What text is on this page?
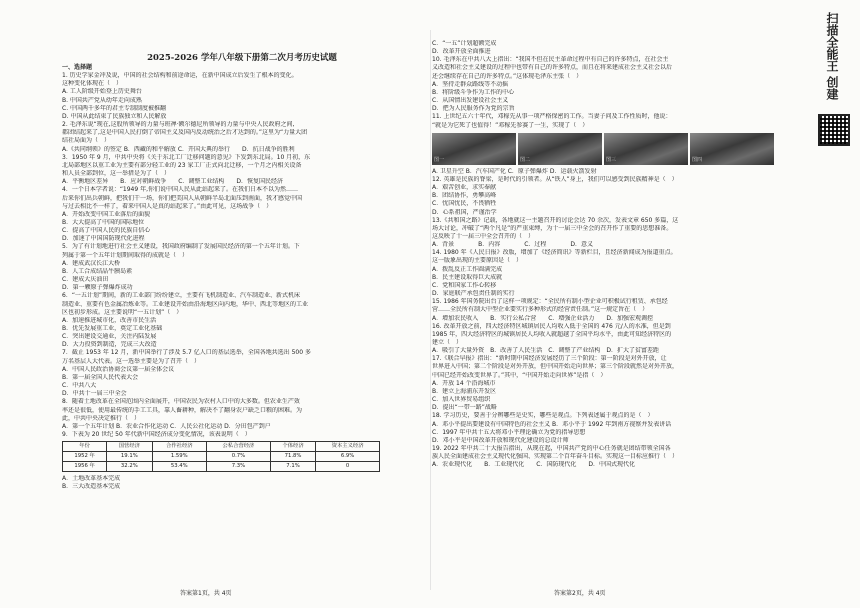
2025-2026 学年八年级下册第二次月考历史试题
一、选择题
1. 历史学家金冲及说，中国的社会结构和前途命运，在新中国成立后发生了根本的变化。
这种变化体现在（　）
A. 工人阶级开始登上历史舞台
B. 中国共产党从幼年走向成熟
C. 中国两千多年的君主专制制度被推翻
D. 中国从此结束了民族独立和人民解放
2. 毛泽东说“现在,这股所领导的力量与班禅·额尔德尼所领导的力量与中央人民政府之间,
都团结起来了,这是中国人民打倒了帝国主义及国内反动统治之后才达到的。”这里为“力量大团
结社局面为（　）
A.《共同纲领》的签定 B．西藏的和平解放 C．开国大典的举行　　D．抗日战争的胜利
3．1950 年 9 月，中共中央将《关于东北工厂迁移问题的意见》下发到东北局。10 月初，东
北局部地区以重工业为主要有部分轻工业的 23 家工厂正式向北迁移，一个月之内相关设备
和人员全部到位，这一举措是为了（　）
A．平衡地区差异　　B．应对朝鲜战争　　C．调整工业结构　　D．恢复国民经济
4．一个日本学者说：“1949 年,你们说中国人民从此站起来了。在我们日本不以为然……
后来你们出兵朝鲜，把我们干一场，你们把美国人从朝鲜半岛北面压到南面，我才感觉中国
与过去相比不一样了，着来中国人是真的站起来了。”由此可见，这场战争（　）
A．开始改变中国工业落后的面貌
B．大大提高了中国的国际地位
C．提高了中国人民的民族自信心
D．加速了中国国防现代化进程
5．为了有计划地进行社会主义建设，我国政府编制了发展国民经济的第一个五年计划。下
列属于第一个五年计划期间取得的成就是（　）
A．建成武汉长江大桥
B．人工合成结晶牛胰岛素
C．建成大庆油田
D．第一颗原子弹爆炸成功
6．“一五计划”期间，新的工业部门纷纷建立，主要有飞机制造业、汽车制造业、新式机床
制造业、重要有色金属冶炼业等。工业建设开始由沿海地区向内地，华中、西北等地区的工业
区也初步形成。这主要说明“一五计划”（　）
A．加速推进城市化，改善市民生活
B．优先发展重工业，奠定工业化基础
C．突出建设交通业，关注内陆发展
D．大力投资到制造，完成三大改造
7．截止 1953 年 12 月，新中国举行了涉及 5.7 亿人口的基层选举，全国各地共选出 500 多
万名基层人大代表。这一选举主要是为了召开（　）
A．中国人民政治协商会议第一届全体会议
B．第一届全国人民代表大会
C．中共八大
D．中共十一届三中全会
8．随着土地改革在全国范围内全面展开，中国农民为农村人口中的大多数。但农业生产效
率还是很低，使用最传统的手工工具，靠人畜耕种，解决不了翻身农户缺乏口粮的困难。为
此，中共中央决定推行（　）
A．第一个五年计划 B．农业合作化运动 C．人民公社化运动 D．分田包产到户
9．下表为 20 世纪 50 年代新中国经济成分变化情况，该表说明（　）
年份	国营经济	合作社经济	公私合营经济	个体经济	资本主义经济
1952 年	19.1%	1.59%	0.7%	71.8%	6.9%
1956 年	32.2%	53.4%	7.3%	7.1%	0
A．土地改革基本完成
B．三大改造基本完成
答案第1页，共 4页
C．“一五”计划超额完成
D．改革开放全面推进
10. 毛泽东在中共八大上指出：“我国不但在民主革命过程中有自己的许多特点，在社会主
义改造和社会主义建设的过程中也带有自己的许多特点，而且在将来建成社会主义社会以后
还会继续存在自己的许多特点。”这体现毛泽东主张（　）
A．坚持走群众路线等不动摇
B．将阶级斗争作为工作的中心
C．从国情出发建设社会主义
D．把为人民服务作为党的宗旨
11. 上世纪五六十年代，邓稼先从事一项严格保密的工作。当妻子问及工作性质时，他说：
“就是为它死了也值得！”邓稼先参赛了一生，实现了（　）
图一	图二	图三	图四
A. 卫星升空 B．汽车国产化 C．原子弹爆炸 D．运载火箭发射
12. 英雄是民族的脊梁，是时代的引领者。从“铁人”身上，我们可以感受到民族精神是（　）
A．艰苦创业，求实奉献
B．团结协作，勇攀高峰
C．忧国忧民，不畏牺牲
D．心系祖国，严谨治学
13.《共和国之路》记载，各地就这一主题召开的讨论会达 70 余次，发表文章 650 多篇，这
场大讨论，冲破了“两个凡是”的严重束缚，为十一届三中全会的召开作了重要的思想准备。
这反映了十一届三中全会召开的（　）
A．背景　　　　B．内容　　　　C．过程　　　　D．意义
14. 1980 年《人民日报》改版，增加了《经济简讯》等新栏目，且经济新闻成为报道重点。
这一版象出现的主要原因是（　）
A．拨乱反正工作圆满完成
B．民主建设取得巨大成就
C．党和国家工作心转移
D．家庭联产承包责任制的实行
15. 1986 年国务院出台了这样一项规定：“全民所有制小型企业可积极试行租赁、承包经
营……全民所有制大中型企业要实行多种形式的经营责任制。”这一规定旨在（　）
A．增加农民收入　　B．实行公私合营　　C．增强企业活力　　D．加强宏观调控
16. 改革开放之前，四大经济特区城镇居民人均收入低于全国的 476 元/人的水准，但是到
1985 年，四大经济特区的城镇居民人均收入就超越了全国平均水平，由此可知经济特区的
建立（　）
A．吸引了大量外资　B．改善了人民生活　C．调整了产业结构　D．扩大了贫富差距
17.《联合早报》指出：“新时期中国经济发展经历了三个阶段：第一阶段是对外开放，让
世界进入中国；第二个阶段是对外开放，但中国开始走向世界；第三个阶段就然是对外开放，
中国已经开始改变世界了。”其中，“中国开始走向世界”是指（　）
A．开放 14 个沿海城市
B．建立上海浦东开发区
C．加入世界贸易组织
D．提出“一带一路”战略
18. 学习历史，要善于分辨哪些是史实，哪些是观点。下列表述属于观点的是（　）
A．邓小平提出要建设有中国特色的社会主义 B．邓小平于 1992 年到南方视察并发表讲话
C．1997 年中共十五大将邓小平理论确立为党的指导思想
D．邓小平是中国改革开放和现代化建设的总设计师
19. 2022 年中共二十大报告指出，从现在起，中国共产党的中心任务就是团结带领全国各
族人民全面建成社会主义现代化强国、实现第二个百年奋斗目标。实现这一目标应推行（　）
A．农业现代化　　B．工业现代化　　C．国防现代化　　D．中国式现代化
答案第2页，共 4页
扫描全能王 创建
